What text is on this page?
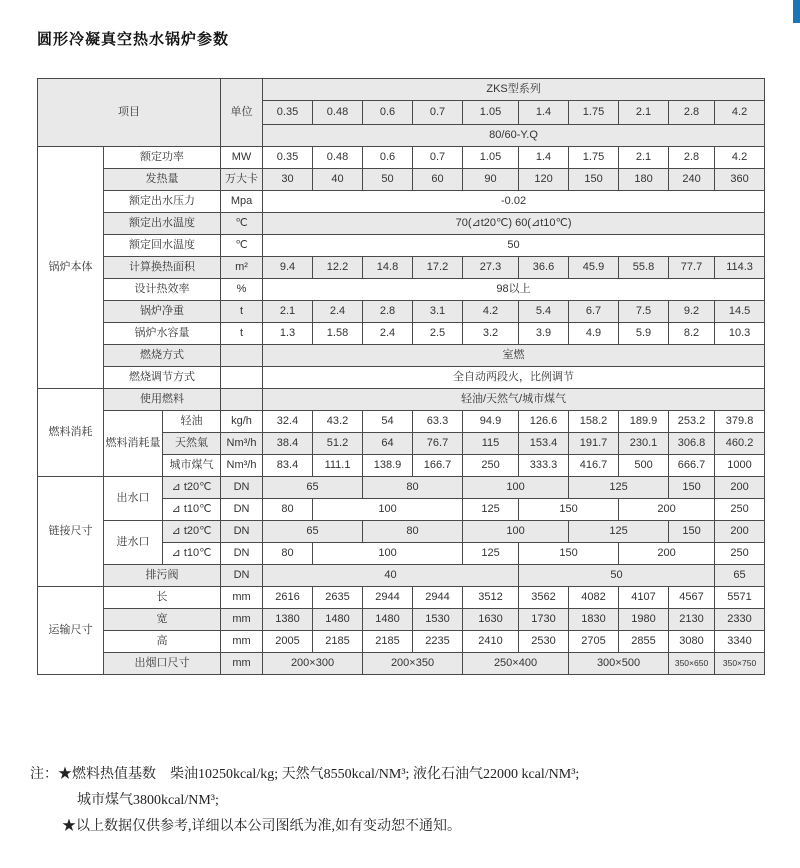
圆形冷凝真空热水锅炉参数
项目			单位	ZKS型系列									
				0.35	0.48	0.6	0.7	1.05	1.4	1.75	2.1	2.8	4.2
				80/60-Y.Q									
锅炉本体	额定功率		MW	0.35	0.48	0.6	0.7	1.05	1.4	1.75	2.1	2.8	4.2
	发热量		万大卡	30	40	50	60	90	120	150	180	240	360
	额定出水压力		Mpa	-0.02									
	额定出水温度		℃	70(⊿t20℃) 60(⊿t10℃)									
	额定回水温度		℃	50									
	计算换热面积		m²	9.4	12.2	14.8	17.2	27.3	36.6	45.9	55.8	77.7	114.3
	设计热效率		%	98以上									
	锅炉净重		t	2.1	2.4	2.8	3.1	4.2	5.4	6.7	7.5	9.2	14.5
	锅炉水容量		t	1.3	1.58	2.4	2.5	3.2	3.9	4.9	5.9	8.2	10.3
	燃烧方式			室燃									
	燃烧调节方式			全自动两段火，比例调节									
燃料消耗	使用燃料			轻油/天然气/城市煤气									
	燃料消耗量	轻油	kg/h	32.4	43.2	54	63.3	94.9	126.6	158.2	189.9	253.2	379.8
		天然氣	Nm³/h	38.4	51.2	64	76.7	115	153.4	191.7	230.1	306.8	460.2
		城市煤气	Nm³/h	83.4	111.1	138.9	166.7	250	333.3	416.7	500	666.7	1000
链接尺寸	出水口	⊿ t20℃	DN	65		80		100		125		150	200
		⊿ t10℃	DN	80	100			125	150		200		250
	进水口	⊿ t20℃	DN	65		80		100		125		150	200
		⊿ t10℃	DN	80	100			125	150		200		250
	排污阀		DN	40					50				65
运输尺寸	长		mm	2616	2635	2944	2944	3512	3562	4082	4107	4567	5571
	宽		mm	1380	1480	1480	1530	1630	1730	1830	1980	2130	2330
	高		mm	2005	2185	2185	2235	2410	2530	2705	2855	3080	3340
	出烟口尺寸		mm	200×300		200×350		250×400		300×500		350×650	350×750
注：★燃料热值基数　柴油10250kcal/kg; 天然气8550kcal/NM³; 液化石油气22000 kcal/NM³;
城市煤气3800kcal/NM³;
★以上数据仅供参考,详细以本公司图纸为准,如有变动恕不通知。
